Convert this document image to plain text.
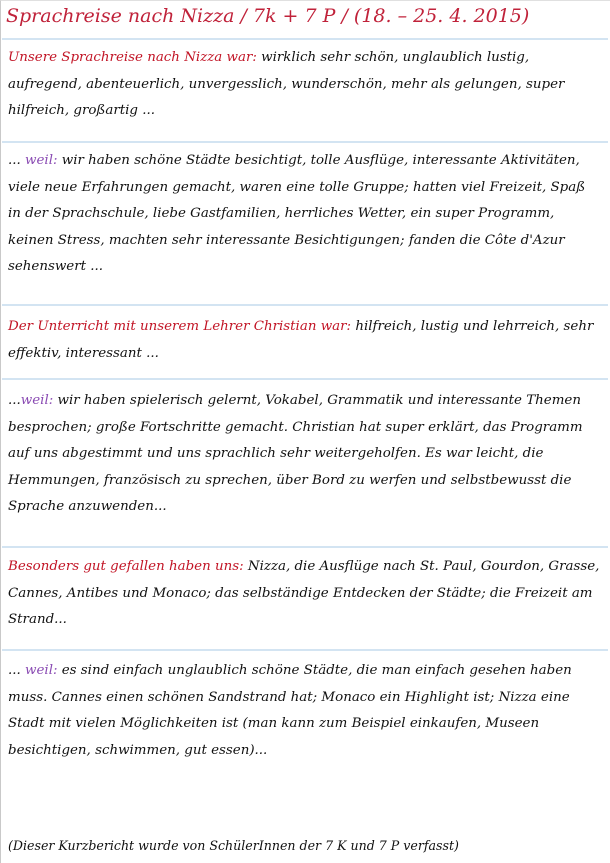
Sprachreise nach Nizza / 7k + 7 P / (18. – 25. 4. 2015)
Unsere Sprachreise nach Nizza war: wirklich sehr schön, unglaublich lustig, aufregend, abenteuerlich, unvergesslich, wunderschön, mehr als gelungen, super hilfreich, großartig ...
... weil: wir haben schöne Städte besichtigt, tolle Ausflüge, interessante Aktivitäten, viele neue Erfahrungen gemacht, waren eine tolle Gruppe; hatten viel Freizeit, Spaß in der Sprachschule, liebe Gastfamilien, herrliches Wetter, ein super Programm, keinen Stress, machten sehr interessante Besichtigungen; fanden die Côte d'Azur sehenswert ...
Der Unterricht mit unserem Lehrer Christian war: hilfreich, lustig und lehrreich, sehr effektiv, interessant ...
...weil: wir haben spielerisch gelernt, Vokabel, Grammatik und interessante Themen besprochen; große Fortschritte gemacht. Christian hat super erklärt, das Programm auf uns abgestimmt und uns sprachlich sehr weitergeholfen. Es war leicht, die Hemmungen, französisch zu sprechen, über Bord zu werfen und selbstbewusst die Sprache anzuwenden...
Besonders gut gefallen haben uns: Nizza, die Ausflüge nach St. Paul, Gourdon, Grasse, Cannes, Antibes und Monaco; das selbständige Entdecken der Städte; die Freizeit am Strand...
... weil: es sind einfach unglaublich schöne Städte, die man einfach gesehen haben muss. Cannes einen schönen Sandstrand hat; Monaco ein Highlight ist; Nizza eine Stadt mit vielen Möglichkeiten ist (man kann zum Beispiel einkaufen, Museen besichtigen, schwimmen, gut essen)...
(Dieser Kurzbericht wurde von SchülerInnen der 7 K und 7 P verfasst)
